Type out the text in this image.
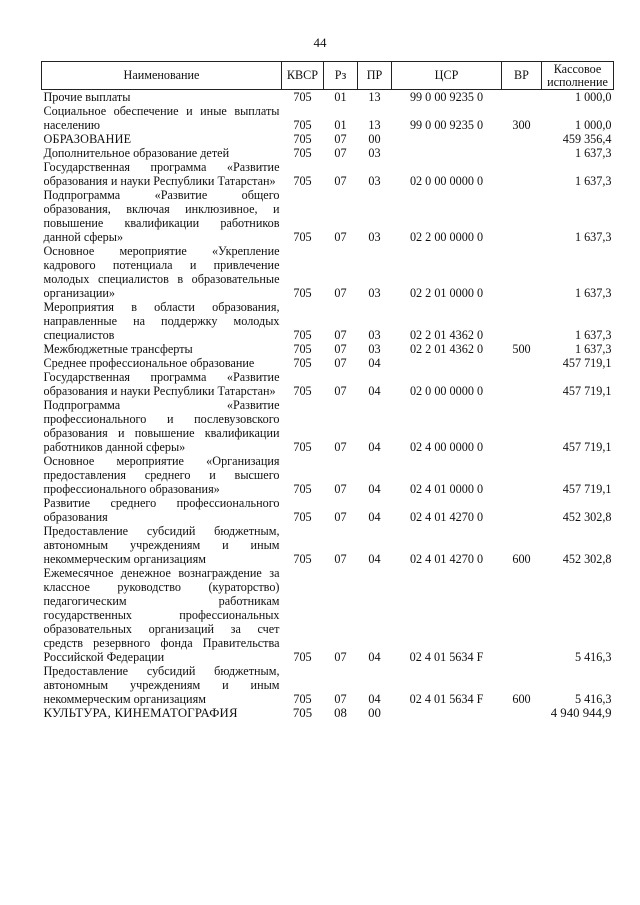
44
Наименование	КВСР	Рз	ПР	ЦСР	ВР	Кассовое исполнение
Прочие выплаты	705	01	13	99 0 00 9235 0		1 000,0
Социальное обеспечение и иные выплаты населению	705	01	13	99 0 00 9235 0	300	1 000,0
ОБРАЗОВАНИЕ	705	07	00			459 356,4
Дополнительное образование детей	705	07	03			1 637,3
Государственная программа «Развитие образования и науки Республики Татарстан»	705	07	03	02 0 00 0000 0		1 637,3
Подпрограмма «Развитие общего образования, включая инклюзивное, и повышение квалификации работников данной сферы»	705	07	03	02 2 00 0000 0		1 637,3
Основное мероприятие «Укрепление кадрового потенциала и привлечение молодых специалистов в образовательные организации»	705	07	03	02 2 01 0000 0		1 637,3
Мероприятия в области образования, направленные на поддержку молодых специалистов	705	07	03	02 2 01 4362 0		1 637,3
Межбюджетные трансферты	705	07	03	02 2 01 4362 0	500	1 637,3
Среднее профессиональное образование	705	07	04			457 719,1
Государственная программа «Развитие образования и науки Республики Татарстан»	705	07	04	02 0 00 0000 0		457 719,1
Подпрограмма «Развитие профессионального и послевузовского образования и повышение квалификации работников данной сферы»	705	07	04	02 4 00 0000 0		457 719,1
Основное мероприятие «Организация предоставления среднего и высшего профессионального образования»	705	07	04	02 4 01 0000 0		457 719,1
Развитие среднего профессионального образования	705	07	04	02 4 01 4270 0		452 302,8
Предоставление субсидий бюджетным, автономным учреждениям и иным некоммерческим организациям	705	07	04	02 4 01 4270 0	600	452 302,8
Ежемесячное денежное вознаграждение за классное руководство (кураторство) педагогическим работникам государственных профессиональных образовательных организаций за счет средств резервного фонда Правительства Российской Федерации	705	07	04	02 4 01 5634 F		5 416,3
Предоставление субсидий бюджетным, автономным учреждениям и иным некоммерческим организациям	705	07	04	02 4 01 5634 F	600	5 416,3
КУЛЬТУРА, КИНЕМАТОГРАФИЯ	705	08	00			4 940 944,9
